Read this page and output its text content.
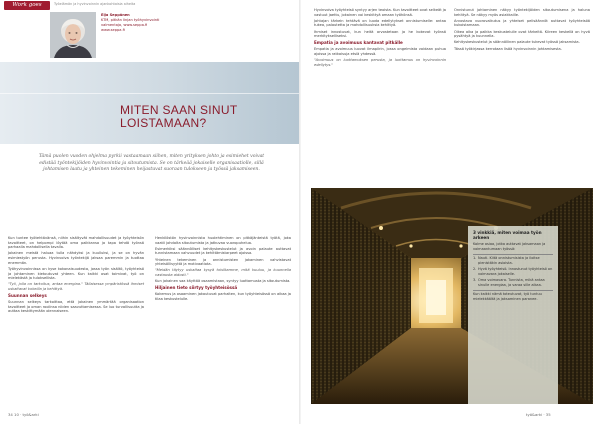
Work goes	Työelämän ja hyvinvoinnin ajankohtaisia aiheita
Eija Seppänen
KTM, pitkän linjan työhyvinvointi
valmentaja, www.seppa.fi
www.seppa.fi
MITEN SAAN SINUT
LOISTAMAAN?
Tämä puolen vuoden ohjelma pyrkii vastaamaan siihen, miten yrityksen johto ja esimiehet voivat edistää työntekijöiden hyvinvointia ja sitoutumista. Se on tärkeää jokaiselle organisaatiolle, sillä johtamisen laatu ja yhteinen tekeminen heijastuvat suoraan tulokseen ja työssä jaksamiseen.

Kun tuntee työtehtävänsä, niihin sisältyvät mahdollisuudet ja työyhteisön tavoitteet, on helpompi löytää oma paikkansa ja tapa tehdä työnsä parhaalla mahdollisella tavalla.

Jokainen meistä haluaa tulla nähdyksi ja kuulluksi, ja se on hyvän esimiestyön perusta. Hyvinvoiva työntekijä jaksaa paremmin ja tuottaa enemmän.

Työhyvinvoinnissa on kyse kokonaisuudesta, jossa työn sisältö, työyhteisö ja johtaminen kietoutuvat yhteen. Kun kaikki osat toimivat, työ on mielekästä ja tuloksellista.

"Työ, jolla on tarkoitus, antaa energiaa." Tällaisessa ympäristössä ihmiset uskaltavat kokeilla ja kehittyä.

Suunnan selkeys

Suunnan selkeys tarkoittaa, että jokainen ymmärtää organisaation tavoitteet ja oman roolinsa niiden saavuttamisessa. Se luo turvallisuutta ja auttaa keskittymään olennaiseen.

Henkilöstön hyvinvoinnista huolehtiminen on pitkäjänteistä työtä, joka vaatii johdolta sitoutumista ja jatkuvaa vuoropuhelua.

Esimerkiksi säännölliset kehityskeskustelut ja avoin palaute auttavat tunnistamaan vahvuudet ja kehittämistarpeet ajoissa.

Yhteinen tekeminen ja onnistumisten jakaminen vahvistavat yhteisöllisyyttä ja motivaatiota.

"Meidän täytyy uskaltaa kysyä toisiltamme, mitä kuuluu, ja kuunnella vastausta aidosti."

Kun jokainen saa käyttää osaamistaan, syntyy luottamusta ja sitoutumista.

Hiljainen tieto siirtyy työyhteisössä

Kokemus ja osaaminen jakautuvat parhaiten, kun työyhteisössä on aikaa ja tilaa keskustelulle.

34 10 · työ&arki

Hyvinvoiva työyhteisö syntyy arjen teoista. Kun tavoitteet ovat selkeät ja vastuut jaettu, jokainen voi keskittyä omaan työhönsä.

Johtajan tärkein tehtävä on luoda edellytykset onnistumiselle: antaa tukea, palautetta ja mahdollisuuksia kehittyä.

Ihmiset innostuvat, kun heitä arvostetaan ja he kokevat työnsä merkitykselliseksi.

Empatia ja avoimuus kantavat pitkälle

Empatia ja avoimuus luovat ilmapiirin, jossa ongelmista voidaan puhua ajoissa ja ratkaisuja etsiä yhdessä.

"Avoimuus on luottamuksen perusta, ja luottamus on hyvinvoinnin edellytys."

Onnistunut johtaminen näkyy työntekijöiden sitoutumisena ja haluna kehittyä. Se näkyy myös asiakkaille.

Arvostava vuorovaikutus ja yhteiset pelisäännöt auttavat työyhteisöä kukoistamaan.

Oikea aika ja paikka keskustelulle ovat tärkeitä. Kiireen keskellä on hyvä pysähtyä ja kuunnella.

Kehityskeskustelut ja säännöllinen palaute tukevat työssä jaksamista.

Tässä työkirjassa kerrotaan lisää hyvinvoinnin johtamisesta.

3 vinkkiä, miten voimaa työn arkeen
Kolme asiaa, jotka auttavat jaksamaan ja voimaantumaan työssä:
1. Nauti. Kiitä onnistumisista ja iloitse pienistäkin asioista.
2. Hyvä työyhteisö. Innostunut työyhteisö on voimavara jokaiselle.
3. Oma voimavara. Tunnista, mikä antaa sinulle energiaa, ja varaa sille aikaa.
Kun kaikki nämä toteutuvat, työ tuntuu mielekkäältä ja jaksaminen paranee.
työ&arki · 35
